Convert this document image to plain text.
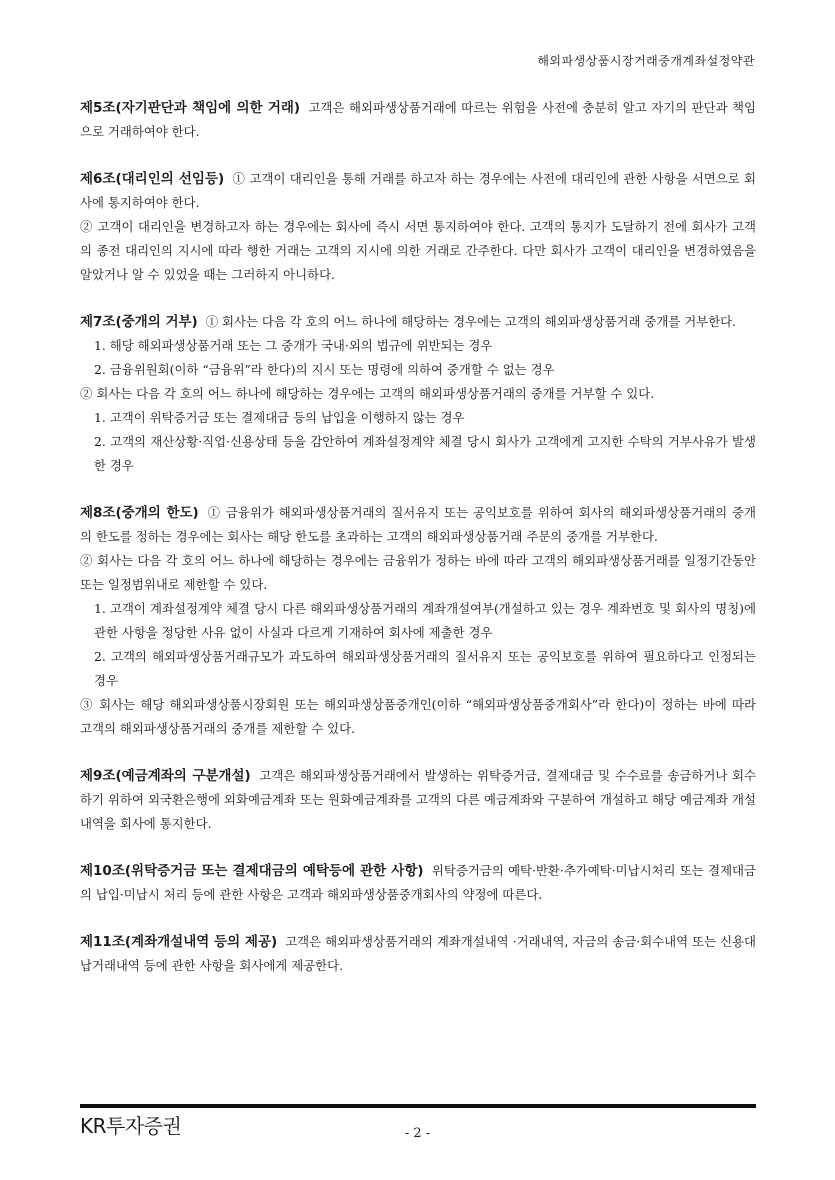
해외파생상품시장거래중개계좌설정약관

제5조(자기판단과 책임에 의한 거래) 고객은 해외파생상품거래에 따르는 위험을 사전에 충분히 알고 자기의 판단과 책임으로 거래하여야 한다.

제6조(대리인의 선임등) ① 고객이 대리인을 통해 거래를 하고자 하는 경우에는 사전에 대리인에 관한 사항을 서면으로 회사에 통지하여야 한다.

② 고객이 대리인을 변경하고자 하는 경우에는 회사에 즉시 서면 통지하여야 한다. 고객의 통지가 도달하기 전에 회사가 고객의 종전 대리인의 지시에 따라 행한 거래는 고객의 지시에 의한 거래로 간주한다. 다만 회사가 고객이 대리인을 변경하였음을 알았거나 알 수 있었을 때는 그러하지 아니하다.

제7조(중개의 거부) ① 회사는 다음 각 호의 어느 하나에 해당하는 경우에는 고객의 해외파생상품거래 중개를 거부한다.

1. 해당 해외파생상품거래 또는 그 중개가 국내·외의 법규에 위반되는 경우

2. 금융위원회(이하 “금융위”라 한다)의 지시 또는 명령에 의하여 중개할 수 없는 경우

② 회사는 다음 각 호의 어느 하나에 해당하는 경우에는 고객의 해외파생상품거래의 중개를 거부할 수 있다.

1. 고객이 위탁증거금 또는 결제대금 등의 납입을 이행하지 않는 경우

2. 고객의 재산상황·직업·신용상태 등을 감안하여 계좌설정계약 체결 당시 회사가 고객에게 고지한 수탁의 거부사유가 발생한 경우

제8조(중개의 한도) ① 금융위가 해외파생상품거래의 질서유지 또는 공익보호를 위하여 회사의 해외파생상품거래의 중개의 한도를 정하는 경우에는 회사는 해당 한도를 초과하는 고객의 해외파생상품거래 주문의 중개를 거부한다.

② 회사는 다음 각 호의 어느 하나에 해당하는 경우에는 금융위가 정하는 바에 따라 고객의 해외파생상품거래를 일정기간동안 또는 일정범위내로 제한할 수 있다.

1. 고객이 계좌설정계약 체결 당시 다른 해외파생상품거래의 계좌개설여부(개설하고 있는 경우 계좌번호 및 회사의 명칭)에 관한 사항을 정당한 사유 없이 사실과 다르게 기재하여 회사에 제출한 경우

2. 고객의 해외파생상품거래규모가 과도하여 해외파생상품거래의 질서유지 또는 공익보호를 위하여 필요하다고 인정되는 경우

③ 회사는 해당 해외파생상품시장회원 또는 해외파생상품중개인(이하 “해외파생상품중개회사”라 한다)이 정하는 바에 따라 고객의 해외파생상품거래의 중개를 제한할 수 있다.

제9조(예금계좌의 구분개설) 고객은 해외파생상품거래에서 발생하는 위탁증거금, 결제대금 및 수수료를 송금하거나 회수하기 위하여 외국환은행에 외화예금계좌 또는 원화예금계좌를 고객의 다른 예금계좌와 구분하여 개설하고 해당 예금계좌 개설내역을 회사에 통지한다.

제10조(위탁증거금 또는 결제대금의 예탁등에 관한 사항) 위탁증거금의 예탁·반환·추가예탁·미납시처리 또는 결제대금의 납입·미납시 처리 등에 관한 사항은 고객과 해외파생상품중개회사의 약정에 따른다.

제11조(계좌개설내역 등의 제공) 고객은 해외파생상품거래의 계좌개설내역 ·거래내역, 자금의 송금·회수내역 또는 신용대납거래내역 등에 관한 사항을 회사에게 제공한다.

KR투자증권	- 2 -
